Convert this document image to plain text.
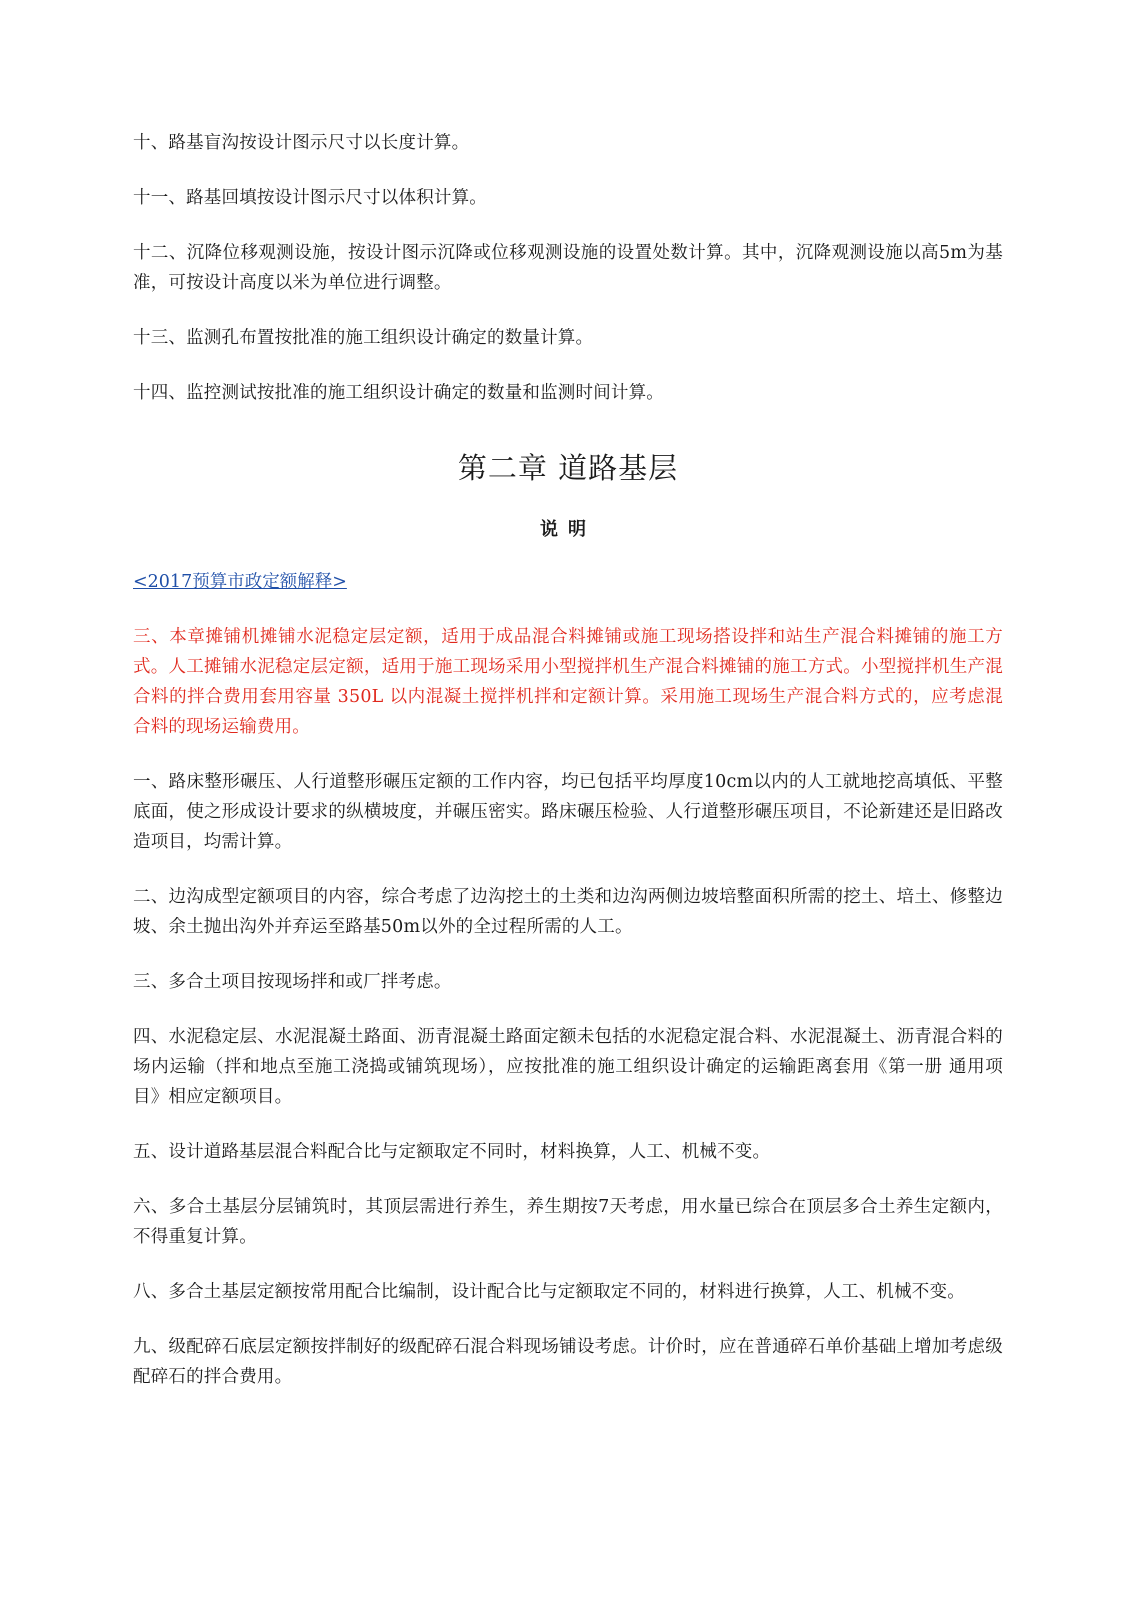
十、路基盲沟按设计图示尺寸以长度计算。

十一、路基回填按设计图示尺寸以体积计算。

十二、沉降位移观测设施，按设计图示沉降或位移观测设施的设置处数计算。其中，沉降观测设施以高5m为基准，可按设计高度以米为单位进行调整。

十三、监测孔布置按批准的施工组织设计确定的数量计算。

十四、监控测试按批准的施工组织设计确定的数量和监测时间计算。

第二章 道路基层
说明
<2017预算市政定额解释>

三、本章摊铺机摊铺水泥稳定层定额，适用于成品混合料摊铺或施工现场搭设拌和站生产混合料摊铺的施工方式。人工摊铺水泥稳定层定额，适用于施工现场采用小型搅拌机生产混合料摊铺的施工方式。小型搅拌机生产混合料的拌合费用套用容量 350L 以内混凝土搅拌机拌和定额计算。采用施工现场生产混合料方式的，应考虑混合料的现场运输费用。

一、路床整形碾压、人行道整形碾压定额的工作内容，均已包括平均厚度10cm以内的人工就地挖高填低、平整底面，使之形成设计要求的纵横坡度，并碾压密实。路床碾压检验、人行道整形碾压项目，不论新建还是旧路改造项目，均需计算。

二、边沟成型定额项目的内容，综合考虑了边沟挖土的土类和边沟两侧边坡培整面积所需的挖土、培土、修整边坡、余土抛出沟外并弃运至路基50m以外的全过程所需的人工。

三、多合土项目按现场拌和或厂拌考虑。

四、水泥稳定层、水泥混凝土路面、沥青混凝土路面定额未包括的水泥稳定混合料、水泥混凝土、沥青混合料的场内运输（拌和地点至施工浇捣或铺筑现场），应按批准的施工组织设计确定的运输距离套用《第一册 通用项目》相应定额项目。

五、设计道路基层混合料配合比与定额取定不同时，材料换算，人工、机械不变。

六、多合土基层分层铺筑时，其顶层需进行养生，养生期按7天考虑，用水量已综合在顶层多合土养生定额内，不得重复计算。

八、多合土基层定额按常用配合比编制，设计配合比与定额取定不同的，材料进行换算，人工、机械不变。

九、级配碎石底层定额按拌制好的级配碎石混合料现场铺设考虑。计价时，应在普通碎石单价基础上增加考虑级配碎石的拌合费用。
